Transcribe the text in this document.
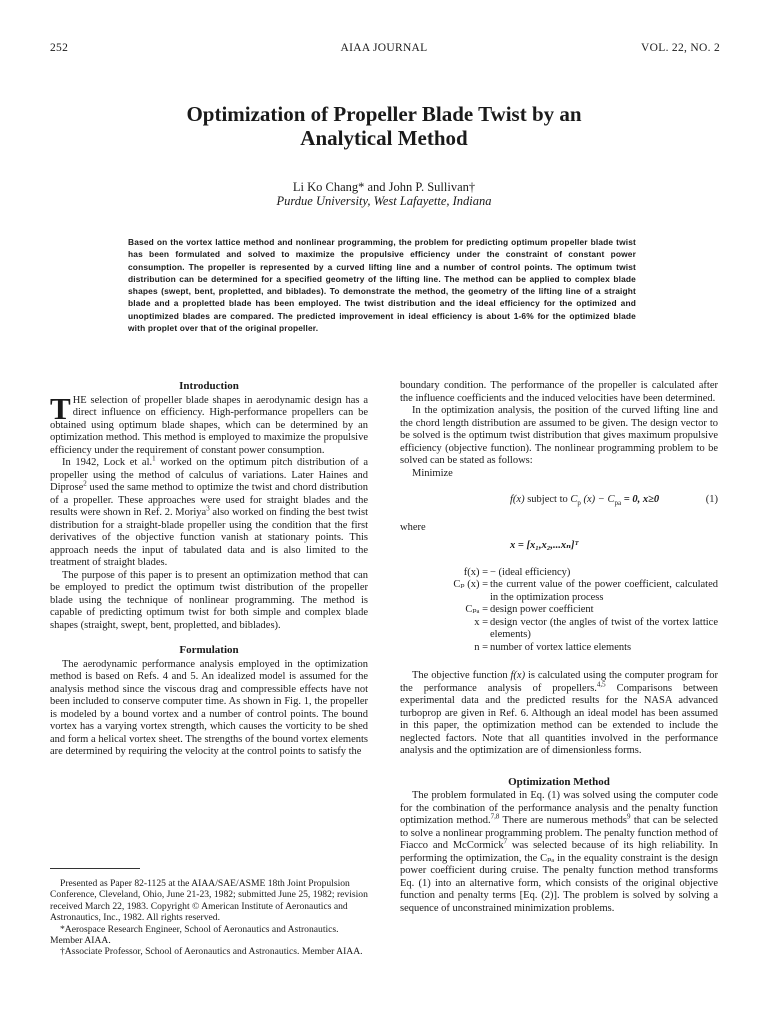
252	AIAA JOURNAL	VOL. 22, NO. 2
Optimization of Propeller Blade Twist by an
Analytical Method
Li Ko Chang* and John P. Sullivan†
Purdue University, West Lafayette, Indiana
Based on the vortex lattice method and nonlinear programming, the problem for predicting optimum propeller blade twist has been formulated and solved to maximize the propulsive efficiency under the constraint of constant power consumption. The propeller is represented by a curved lifting line and a number of control points. The optimum twist distribution can be determined for a specified geometry of the lifting line. The method can be applied to complex blade shapes (swept, bent, propletted, and biblades). To demonstrate the method, the geometry of the lifting line of a straight blade and a propletted blade has been employed. The twist distribution and the ideal efficiency for the optimized and unoptimized blades are compared. The predicted improvement in ideal efficiency is about 1-6% for the optimized blade with proplet over that of the original propeller.
Introduction

THE selection of propeller blade shapes in aerodynamic design has a direct influence on efficiency. High-performance propellers can be obtained using optimum blade shapes, which can be determined by an optimization method. This method is employed to maximize the propulsive efficiency under the requirement of constant power consumption.

In 1942, Lock et al.$^1$ worked on the optimum pitch distribution of a propeller using the method of calculus of variations. Later Haines and Diprose$^2$ used the same method to optimize the twist and chord distribution of a propeller. These approaches were used for straight blades and the results were shown in Ref. 2. Moriya$^3$ also worked on finding the best twist distribution for a straight-blade propeller using the condition that the first derivatives of the objective function vanish at stationary points. This approach needs the input of tabulated data and is also limited to the treatment of straight blades.

The purpose of this paper is to present an optimization method that can be employed to predict the optimum twist distribution of the propeller blade using the technique of nonlinear programming. The method is capable of predicting optimum twist for both simple and complex blade shapes (straight, swept, bent, propletted, and biblades).

Formulation

The aerodynamic performance analysis employed in the optimization method is based on Refs. 4 and 5. An idealized model is assumed for the analysis method since the viscous drag and compressible effects have not been included to conserve computer time. As shown in Fig. 1, the propeller is modeled by a bound vortex and a number of control points. The bound vortex has a varying vortex strength, which causes the vorticity to be shed and form a helical vortex sheet. The strengths of the bound vortex elements are determined by requiring the velocity at the control points to satisfy the

Presented as Paper 82-1125 at the AIAA/SAE/ASME 18th Joint Propulsion Conference, Cleveland, Ohio, June 21-23, 1982; submitted June 25, 1982; revision received March 22, 1983. Copyright © American Institute of Aeronautics and Astronautics, Inc., 1982. All rights reserved.

*Aerospace Research Engineer, School of Aeronautics and Astronautics. Member AIAA.

†Associate Professor, School of Aeronautics and Astronautics. Member AIAA.

boundary condition. The performance of the propeller is calculated after the influence coefficients and the induced velocities have been determined.

In the optimization analysis, the position of the curved lifting line and the chord length distribution are assumed to be given. The design vector to be solved is the optimum twist distribution that gives maximum propulsive efficiency (objective function). The nonlinear programming problem to be solved can be stated as follows:

Minimize

f(x) subject to $C_p$ $(x) - C_{pa} = 0$, x≥0	(1)

where

x = [x₁,x₂,...xₙ]ᵀ
f(x) = − (ideal efficiency)
Cₚ (x) = the current value of the power coefficient, calculated in the optimization process
Cₚₐ = design power coefficient
x = design vector (the angles of twist of the vortex lattice elements)
n = number of vortex lattice elements

The objective function f(x) is calculated using the computer program for the performance analysis of propellers.$^{4,5}$ Comparisons between experimental data and the predicted results for the NASA advanced turboprop are given in Ref. 6. Although an ideal model has been assumed in this paper, the optimization method can be extended to include the neglected factors. Note that all quantities involved in the performance analysis and the optimization are of dimensionless forms.

Optimization Method

The problem formulated in Eq. (1) was solved using the computer code for the combination of the performance analysis and the penalty function optimization method.$^{7,8}$ There are numerous methods$^9$ that can be selected to solve a nonlinear programming problem. The penalty function method of Fiacco and McCormick$^7$ was selected because of its high reliability. In performing the optimization, the Cₚₐ in the equality constraint is the design power coefficient during cruise. The penalty function method transforms Eq. (1) into an alternative form, which consists of the original objective function and penalty terms [Eq. (2)]. The problem is solved by solving a sequence of unconstrained minimization problems.
